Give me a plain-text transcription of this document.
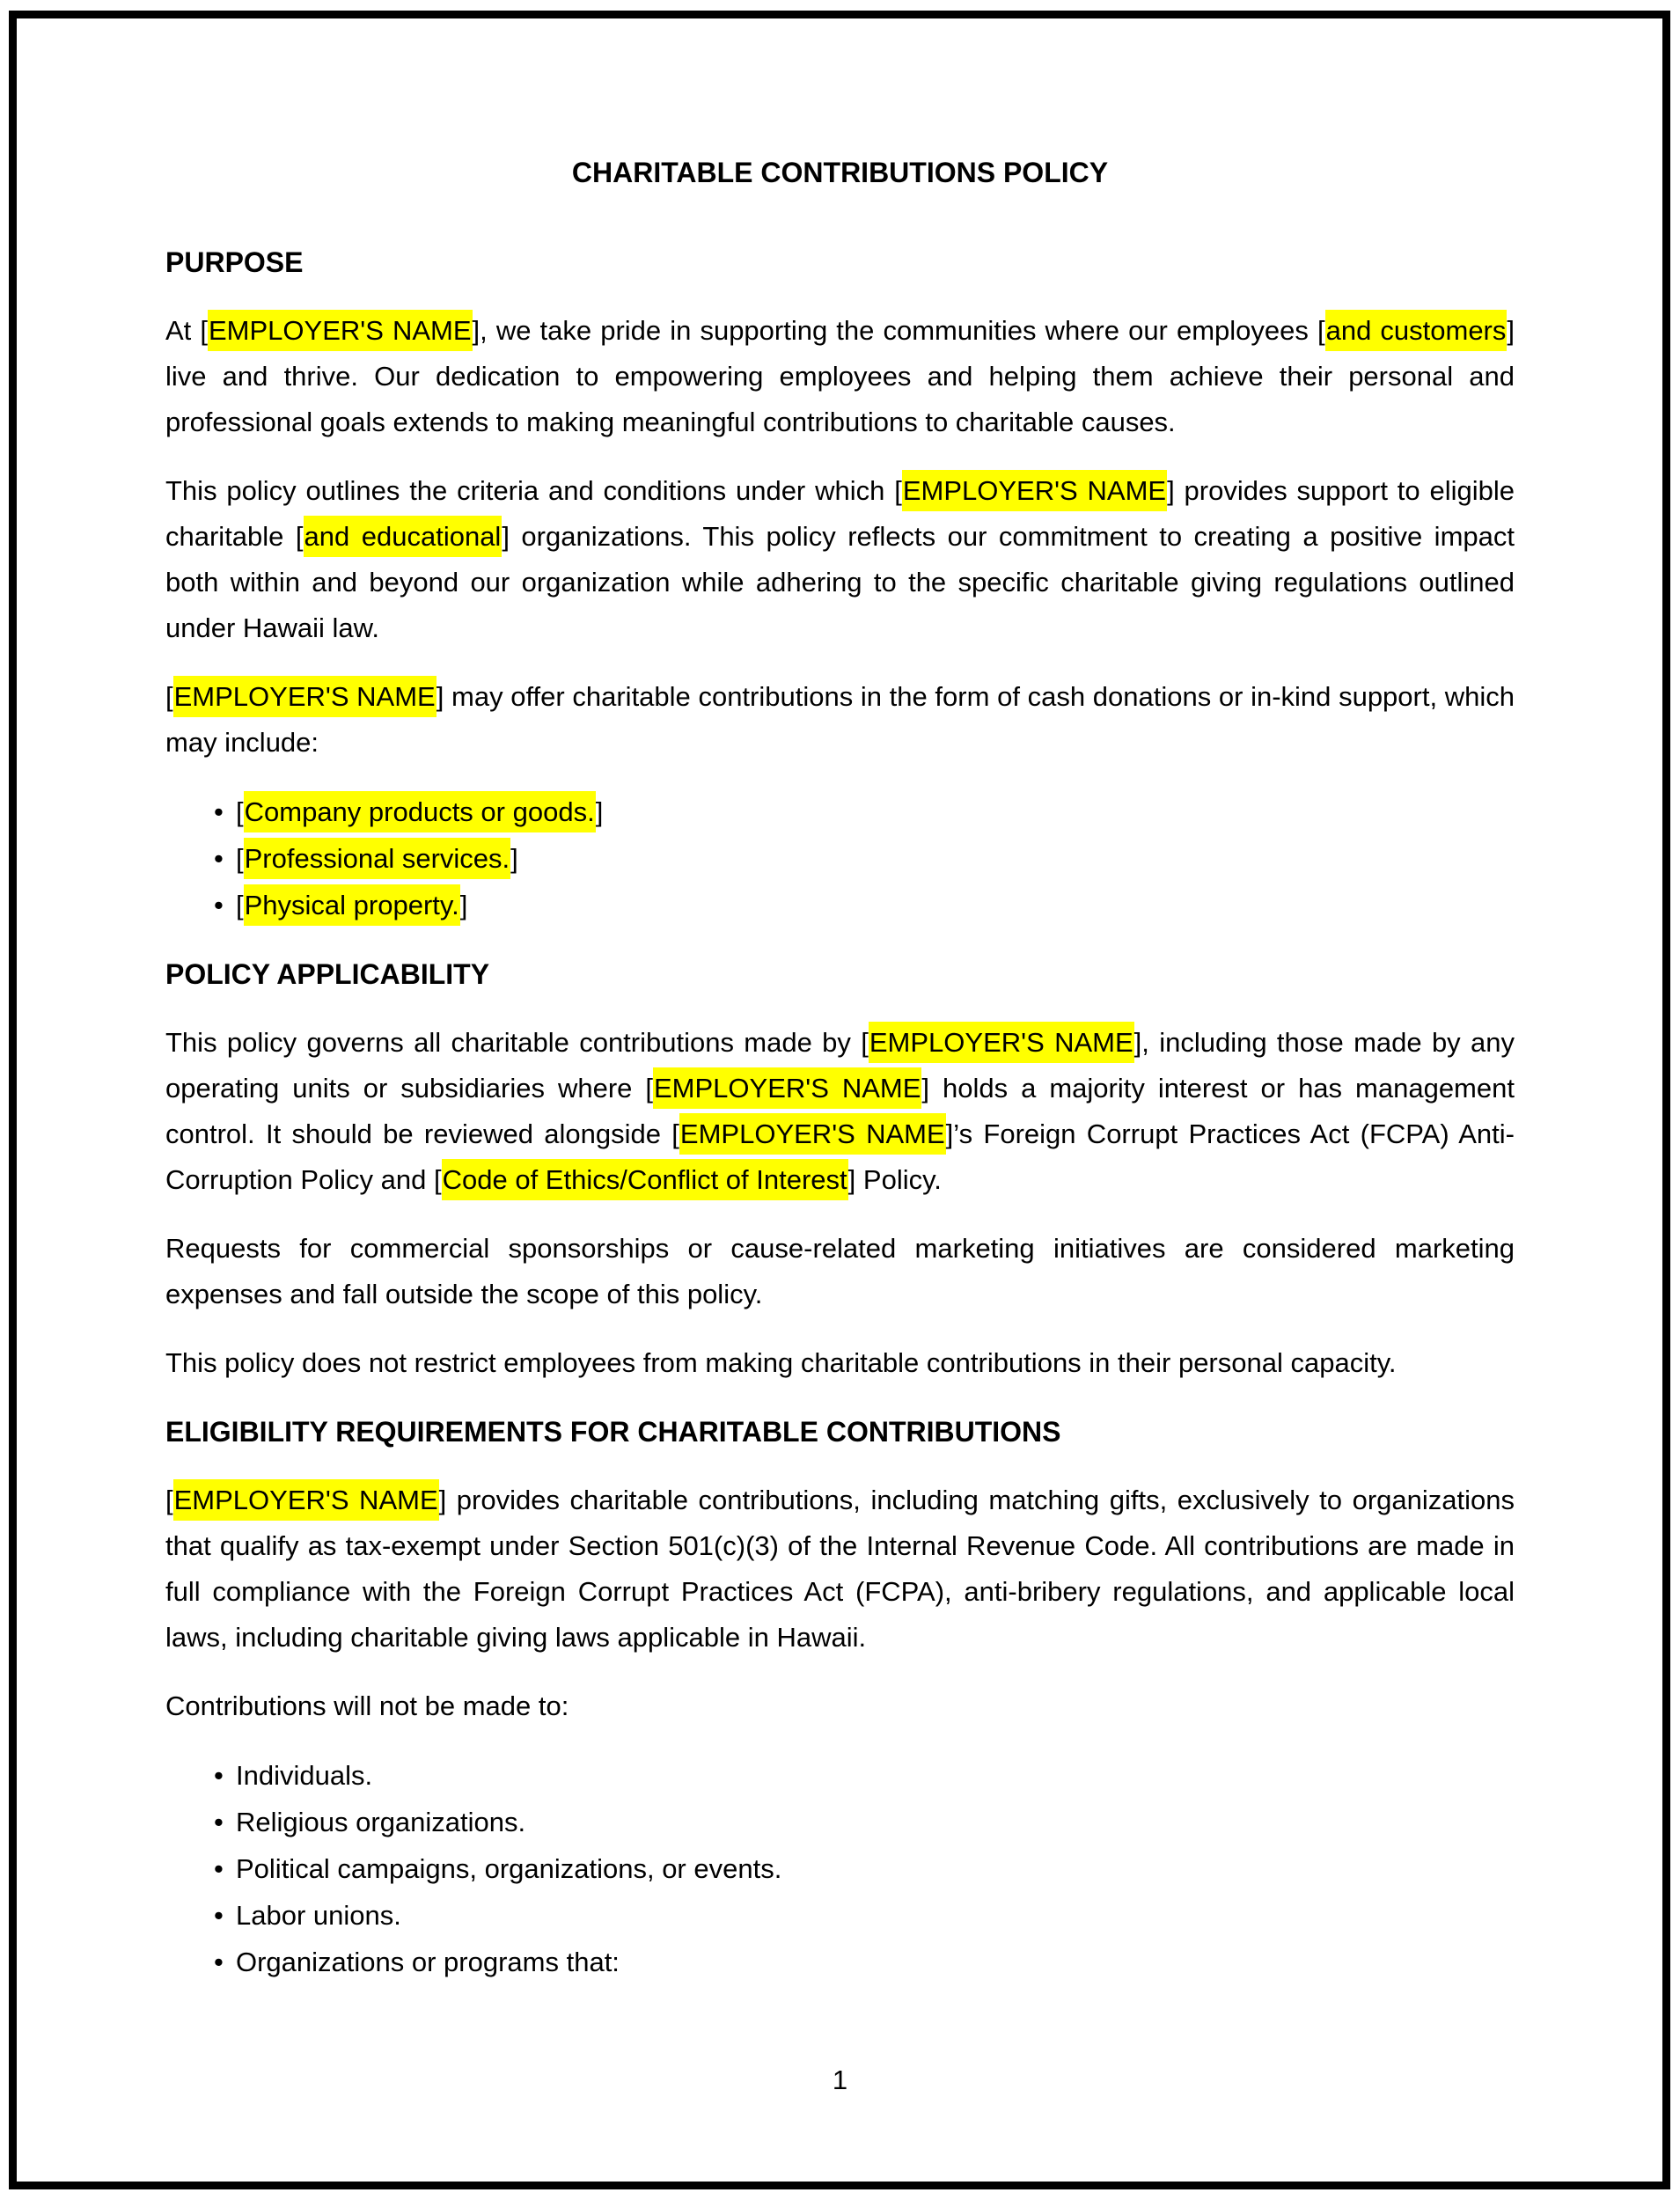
CHARITABLE CONTRIBUTIONS POLICY
PURPOSE

At [EMPLOYER'S NAME], we take pride in supporting the communities where our employees [and customers] live and thrive. Our dedication to empowering employees and helping them achieve their personal and professional goals extends to making meaningful contributions to charitable causes.

This policy outlines the criteria and conditions under which [EMPLOYER'S NAME] provides support to eligible charitable [and educational] organizations. This policy reflects our commitment to creating a positive impact both within and beyond our organization while adhering to the specific charitable giving regulations outlined under Hawaii law.

[EMPLOYER'S NAME] may offer charitable contributions in the form of cash donations or in-kind support, which may include:

• [Company products or goods.]
• [Professional services.]
• [Physical property.]
POLICY APPLICABILITY

This policy governs all charitable contributions made by [EMPLOYER'S NAME], including those made by any operating units or subsidiaries where [EMPLOYER'S NAME] holds a majority interest or has management control. It should be reviewed alongside [EMPLOYER'S NAME]’s Foreign Corrupt Practices Act (FCPA) Anti-Corruption Policy and [Code of Ethics/Conflict of Interest] Policy.

Requests for commercial sponsorships or cause-related marketing initiatives are considered marketing expenses and fall outside the scope of this policy.

This policy does not restrict employees from making charitable contributions in their personal capacity.

ELIGIBILITY REQUIREMENTS FOR CHARITABLE CONTRIBUTIONS

[EMPLOYER'S NAME] provides charitable contributions, including matching gifts, exclusively to organizations that qualify as tax-exempt under Section 501(c)(3) of the Internal Revenue Code. All contributions are made in full compliance with the Foreign Corrupt Practices Act (FCPA), anti-bribery regulations, and applicable local laws, including charitable giving laws applicable in Hawaii.

Contributions will not be made to:

• Individuals.
• Religious organizations.
• Political campaigns, organizations, or events.
• Labor unions.
• Organizations or programs that:
1
